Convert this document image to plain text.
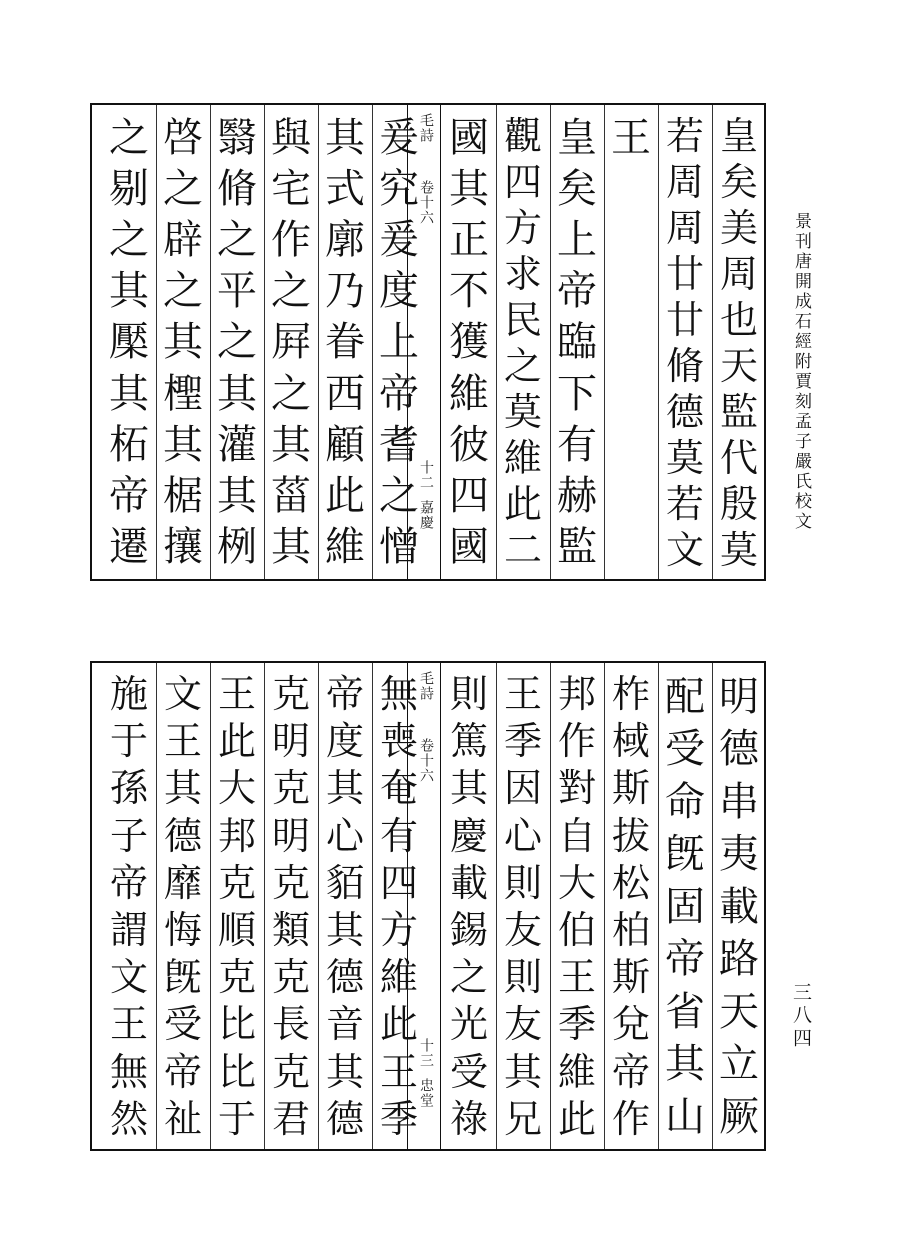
景刊唐開成石經附賈刻孟子嚴氏校文
三八四
毛詩
卷十六
十二
嘉慶
皇
矣
美
周
也
天
監
代
殷
莫
若
周
周
廿
廿
脩
德
莫
若
文
王
皇
矣
上
帝
臨
下
有
赫
監
觀
四
方
求
民
之
莫
維
此
二
國
其
正
不
獲
維
彼
四
國
爰
究
爰
度
上
帝
耆
之
憎
其
式
廓
乃
眷
西
顧
此
維
與
宅
作
之
屛
之
其
菑
其
翳
脩
之
平
之
其
灌
其
栵
啓
之
辟
之
其
檉
其
椐
攘
之
剔
之
其
檿
其
柘
帝
遷
毛詩
卷十六
十三
忠堂
明
德
串
夷
載
路
天
立
厥
配
受
命
旣
固
帝
省
其
山
柞
棫
斯
拔
松
柏
斯
兌
帝
作
邦
作
對
自
大
伯
王
季
維
此
王
季
因
心
則
友
則
友
其
兄
則
篤
其
慶
載
錫
之
光
受
祿
無
喪
奄
有
四
方
維
此
王
季
帝
度
其
心
貊
其
德
音
其
德
克
明
克
明
克
類
克
長
克
君
王
此
大
邦
克
順
克
比
比
于
文
王
其
德
靡
悔
旣
受
帝
祉
施
于
孫
子
帝
謂
文
王
無
然
